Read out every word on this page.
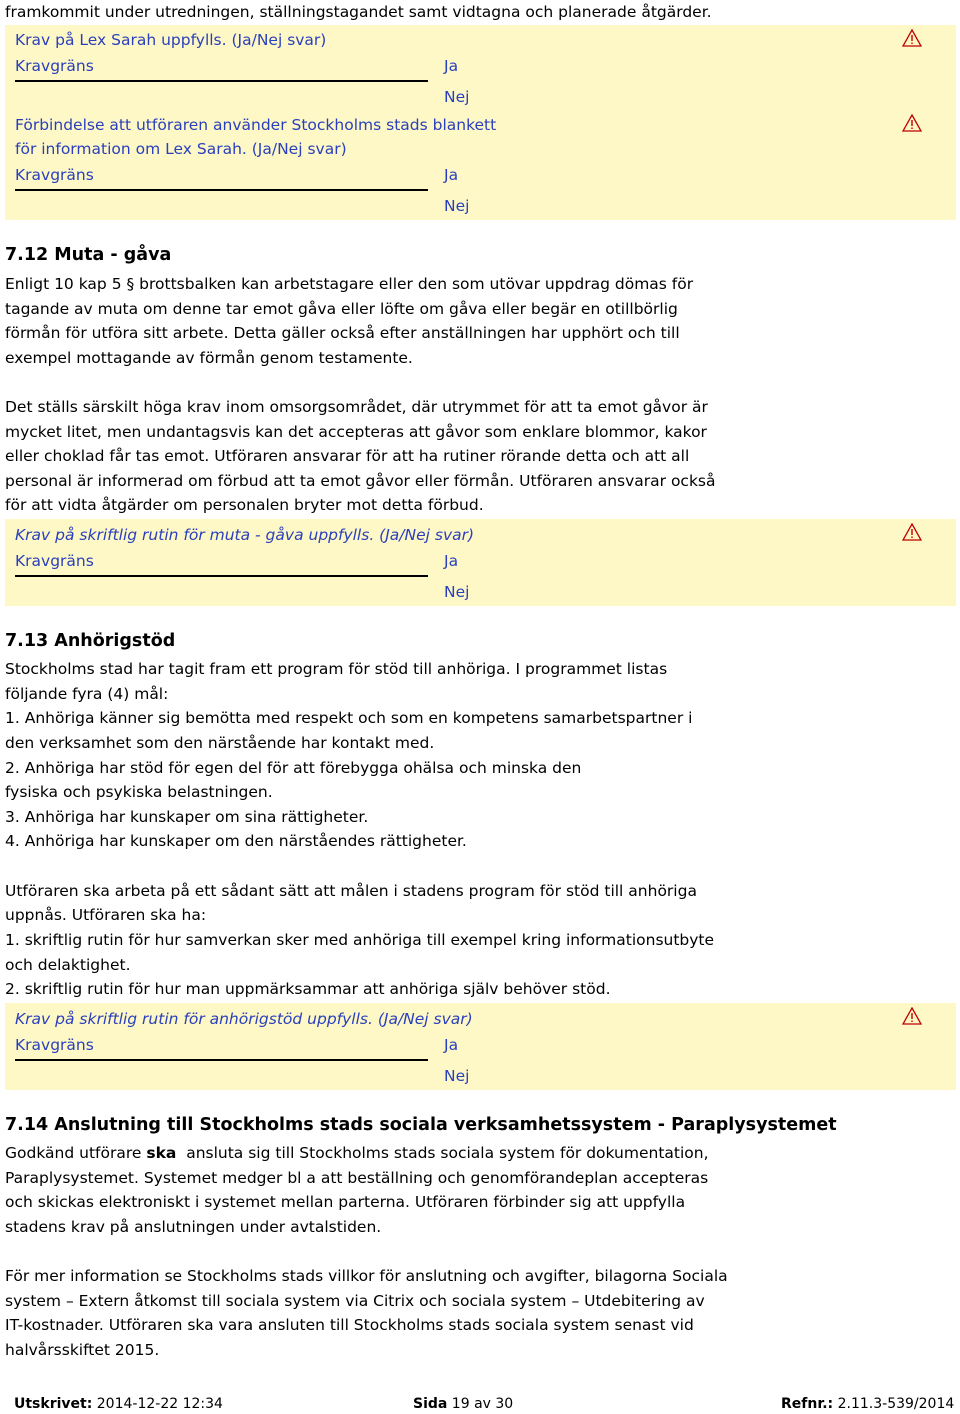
framkommit under utredningen, ställningstagandet samt vidtagna och planerade åtgärder.
Krav på Lex Sarah uppfylls. (Ja/Nej svar)
Kravgräns	Ja
Nej
Förbindelse att utföraren använder Stockholms stads blankett
för information om Lex Sarah. (Ja/Nej svar)
Kravgräns	Ja
Nej
7.12 Muta - gåva
Enligt 10 kap 5 § brottsbalken kan arbetstagare eller den som utövar uppdrag dömas för
tagande av muta om denne tar emot gåva eller löfte om gåva eller begär en otillbörlig
förmån för utföra sitt arbete. Detta gäller också efter anställningen har upphört och till
exempel mottagande av förmån genom testamente.
Det ställs särskilt höga krav inom omsorgsområdet, där utrymmet för att ta emot gåvor är
mycket litet, men undantagsvis kan det accepteras att gåvor som enklare blommor, kakor
eller choklad får tas emot. Utföraren ansvarar för att ha rutiner rörande detta och att all
personal är informerad om förbud att ta emot gåvor eller förmån. Utföraren ansvarar också
för att vidta åtgärder om personalen bryter mot detta förbud.
Krav på skriftlig rutin för muta - gåva uppfylls. (Ja/Nej svar)
Kravgräns	Ja
Nej
7.13 Anhörigstöd
Stockholms stad har tagit fram ett program för stöd till anhöriga. I programmet listas
följande fyra (4) mål:
1. Anhöriga känner sig bemötta med respekt och som en kompetens samarbetspartner i
den verksamhet som den närstående har kontakt med.
2. Anhöriga har stöd för egen del för att förebygga ohälsa och minska den
fysiska och psykiska belastningen.
3. Anhöriga har kunskaper om sina rättigheter.
4. Anhöriga har kunskaper om den närståendes rättigheter.
Utföraren ska arbeta på ett sådant sätt att målen i stadens program för stöd till anhöriga
uppnås. Utföraren ska ha:
1. skriftlig rutin för hur samverkan sker med anhöriga till exempel kring informationsutbyte
och delaktighet.
2. skriftlig rutin för hur man uppmärksammar att anhöriga själv behöver stöd.
Krav på skriftlig rutin för anhörigstöd uppfylls. (Ja/Nej svar)
Kravgräns	Ja
Nej
7.14 Anslutning till Stockholms stads sociala verksamhetssystem - Paraplysystemet
Godkänd utförare ska  ansluta sig till Stockholms stads sociala system för dokumentation,
Paraplysystemet. Systemet medger bl a att beställning och genomförandeplan accepteras
och skickas elektroniskt i systemet mellan parterna. Utföraren förbinder sig att uppfylla
stadens krav på anslutningen under avtalstiden.
För mer information se Stockholms stads villkor för anslutning och avgifter, bilagorna Sociala
system – Extern åtkomst till sociala system via Citrix och sociala system – Utdebitering av
IT-kostnader. Utföraren ska vara ansluten till Stockholms stads sociala system senast vid
halvårsskiftet 2015.
Utskrivet: 2014-12-22 12:34	Sida 19 av 30	Refnr.: 2.11.3-539/2014
